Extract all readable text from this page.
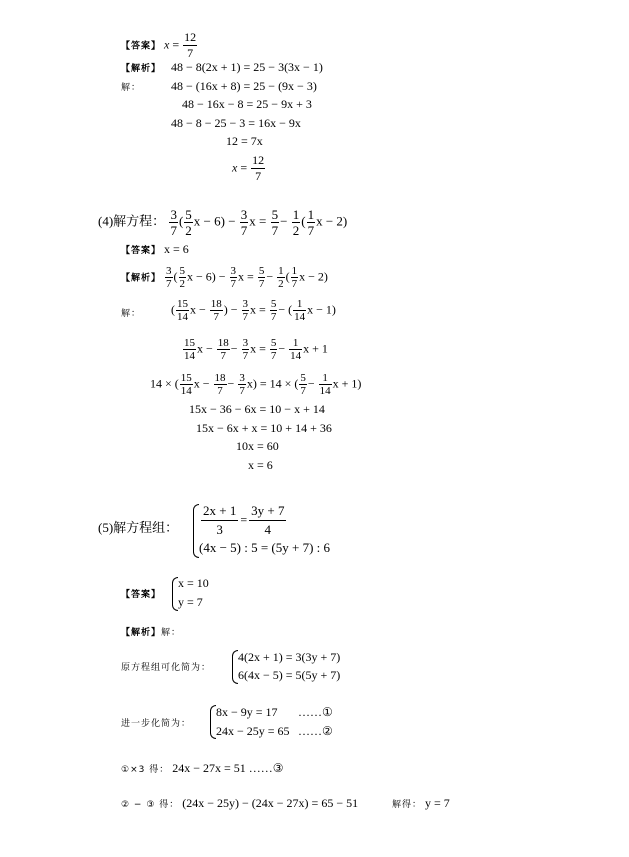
【答案】 $x = \frac{12}{7}$
【解析】
解：
48 − 8(2x + 1) = 25 − 3(3x − 1)
48 − (16x + 8) = 25 − (9x − 3)
48 − 16x − 8 = 25 − 9x + 3
48 − 8 − 25 − 3 = 16x − 9x
12 = 7x
$x = \frac{12}{7}$
(4)解方程： $\frac{3}{7}$ ( $\frac{5}{2}$ $x - 6) - \frac{3}{7}$ $x = \frac{5}{7} - \frac{1}{2}$ ( $\frac{1}{7}$ x − 2)
【答案】 x = 6
【解析】 $\frac{3}{7}$ ( $\frac{5}{2}$ $x - 6) - \frac{3}{7}$ $x = \frac{5}{7} - \frac{1}{2}$ ( $\frac{1}{7}$ x − 2)
解： ( $\frac{15}{14}$ $x - \frac{18}{7}$ ) − $\frac{3}{7}$ $x = \frac{5}{7}$ − ( $\frac{1}{14}$ x − 1)
$\frac{15}{14}$ $x - \frac{18}{7} - \frac{3}{7}$ $x = \frac{5}{7} - \frac{1}{14}$ x + 1
14 × ( $\frac{15}{14}$ $x - \frac{18}{7} - \frac{3}{7} x) = 14$ × ( $\frac{5}{7} - \frac{1}{14}$ x + 1)
15x − 36 − 6x = 10 − x + 14
15x − 6x + x = 10 + 14 + 36
10x = 60
x = 6
(5)解方程组： $\frac{2x + 1}{3} = \frac{3y + 7}{4}$
(4x − 5) : 5 = (5y + 7) : 6
【答案】
x = 10
y = 7
【解析】解：
原方程组可化简为：
4(2x + 1) = 3(3y + 7)
6(4x − 5) = 5(5y + 7)
进一步化简为：
8x − 9y = 17 ……①
24x − 25y = 65 ……②
①×3 得： 24x − 27x = 51 ……③
② − ③ 得： (24x − 25y) − (24x − 27x) = 65 − 51	解得： y = 7
